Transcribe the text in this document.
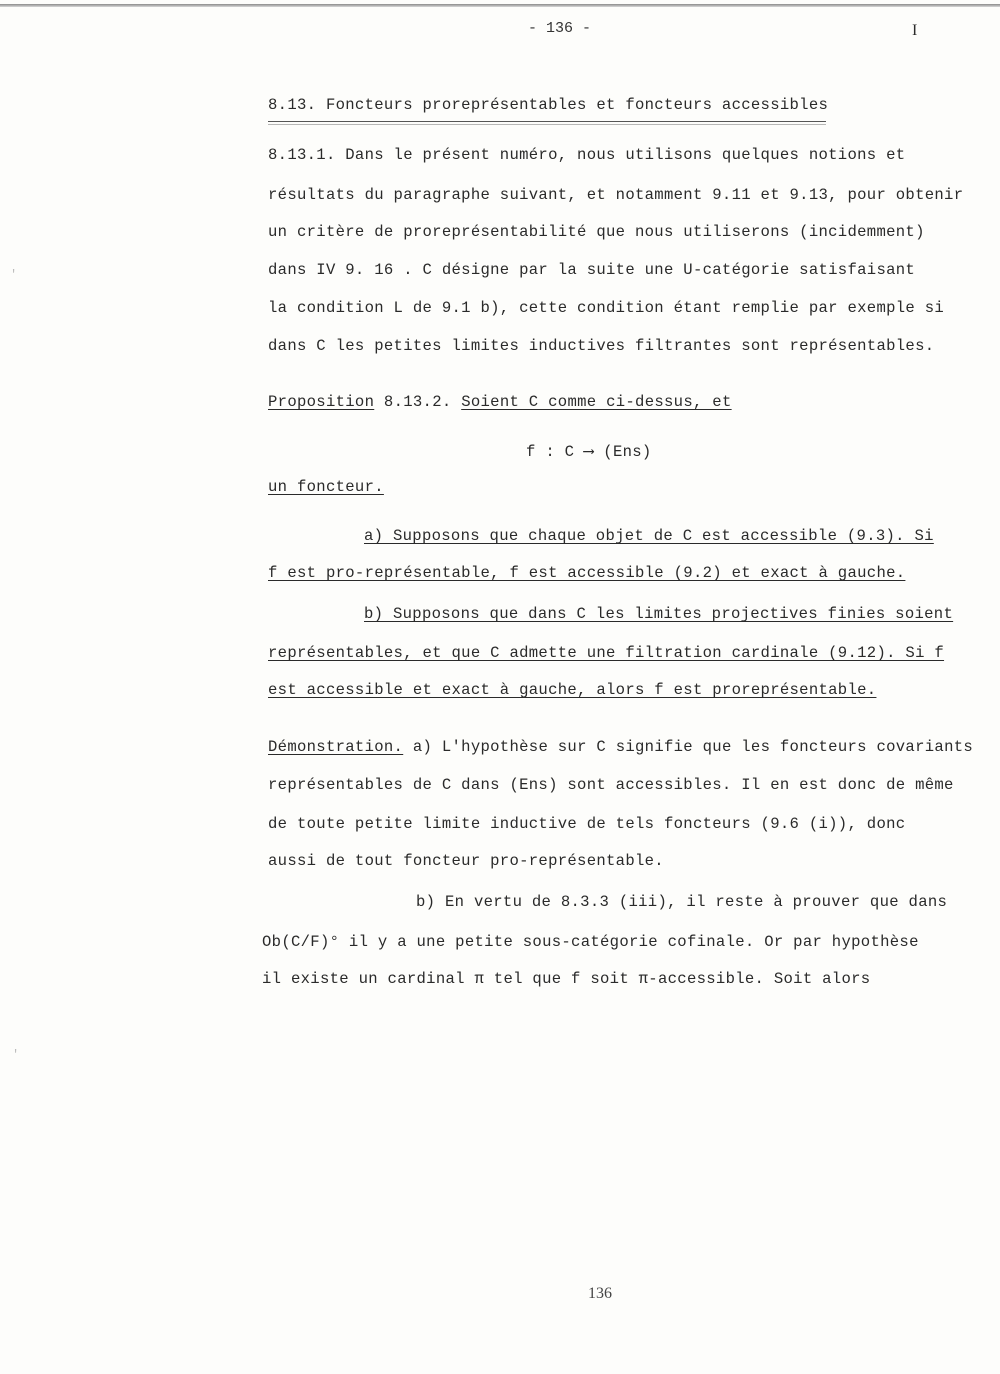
- 136 -	I
8.13. Foncteurs proreprésentables et foncteurs accessibles
8.13.1. Dans le présent numéro, nous utilisons quelques notions et
résultats du paragraphe suivant, et notamment 9.11 et 9.13, pour obtenir
un critère de proreprésentabilité que nous utiliserons (incidemment)
dans IV 9. 16 . C désigne par la suite une U-catégorie satisfaisant
la condition L de 9.1 b), cette condition étant remplie par exemple si
dans C les petites limites inductives filtrantes sont représentables.
Proposition 8.13.2. Soient C comme ci-dessus, et
f : C ⟶ (Ens)
un foncteur.
a) Supposons que chaque objet de C est accessible (9.3). Si
f est pro-représentable, f est accessible (9.2) et exact à gauche.
b) Supposons que dans C les limites projectives finies soient
représentables, et que C admette une filtration cardinale (9.12). Si f
est accessible et exact à gauche, alors f est proreprésentable.
Démonstration. a) L'hypothèse sur C signifie que les foncteurs covariants
représentables de C dans (Ens) sont accessibles. Il en est donc de même
de toute petite limite inductive de tels foncteurs (9.6 (i)), donc
aussi de tout foncteur pro-représentable.
b) En vertu de 8.3.3 (iii), il reste à prouver que dans
Ob(C/F)° il y a une petite sous-catégorie cofinale. Or par hypothèse
il existe un cardinal π tel que f soit π-accessible. Soit alors
136
'
'
